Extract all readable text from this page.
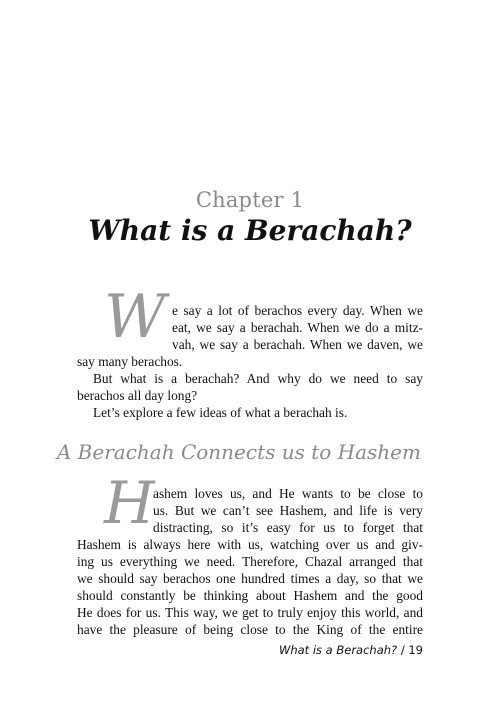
Chapter 1
What is a Berachah?
W e say a lot of berachos every day. When we
eat, we say a berachah. When we do a mitz-
vah, we say a berachah. When we daven, we
say many berachos.
But what is a berachah? And why do we need to say
berachos all day long?
Let’s explore a few ideas of what a berachah is.
A Berachah Connects us to Hashem
H
ashem loves us, and He wants to be close to
us. But we can’t see Hashem, and life is very
distracting, so it’s easy for us to forget that
Hashem is always here with us, watching over us and giv-
ing us everything we need. Therefore, Chazal arranged that
we should say berachos one hundred times a day, so that we
should constantly be thinking about Hashem and the good
He does for us. This way, we get to truly enjoy this world, and
have the pleasure of being close to the King of the entire
What is a Berachah? / 19
